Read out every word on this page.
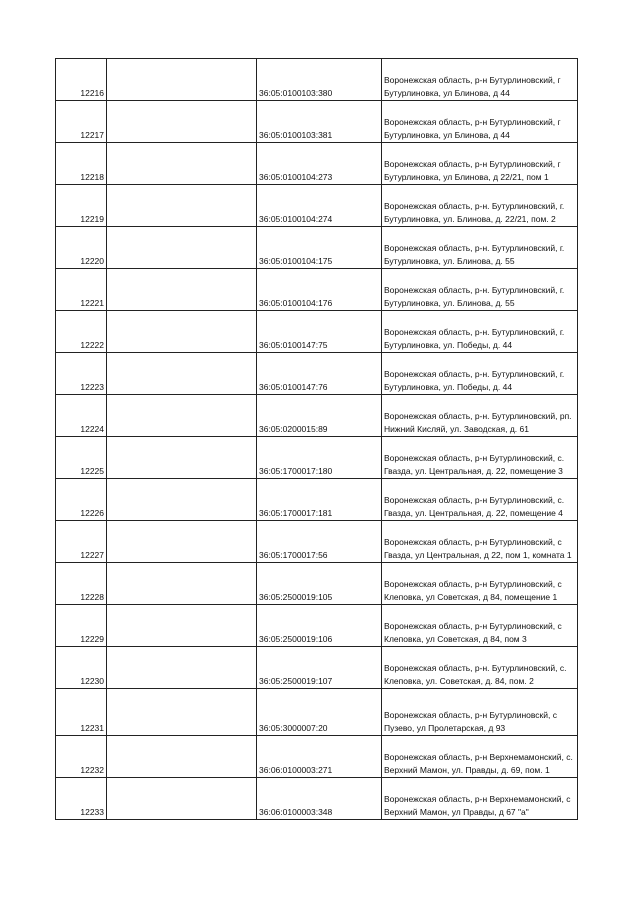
12216		36:05:0100103:380	Воронежская область, р-н Бутурлиновский, г Бутурлиновка, ул Блинова, д 44
12217		36:05:0100103:381	Воронежская область, р-н Бутурлиновский, г Бутурлиновка, ул Блинова, д 44
12218		36:05:0100104:273	Воронежская область, р-н Бутурлиновский, г Бутурлиновка, ул Блинова, д 22/21, пом 1
12219		36:05:0100104:274	Воронежская область, р-н. Бутурлиновский, г. Бутурлиновка, ул. Блинова, д. 22/21, пом. 2
12220		36:05:0100104:175	Воронежская область, р-н. Бутурлиновский, г. Бутурлиновка, ул. Блинова, д. 55
12221		36:05:0100104:176	Воронежская область, р-н. Бутурлиновский, г. Бутурлиновка, ул. Блинова, д. 55
12222		36:05:0100147:75	Воронежская область, р-н. Бутурлиновский, г. Бутурлиновка, ул. Победы, д. 44
12223		36:05:0100147:76	Воронежская область, р-н. Бутурлиновский, г. Бутурлиновка, ул. Победы, д. 44
12224		36:05:0200015:89	Воронежская область, р-н. Бутурлиновский, рп. Нижний Кисляй, ул. Заводская, д. 61
12225		36:05:1700017:180	Воронежская область, р-н Бутурлиновский, с. Гвазда, ул. Центральная, д. 22, помещение 3
12226		36:05:1700017:181	Воронежская область, р-н Бутурлиновский, с. Гвазда, ул. Центральная, д. 22, помещение 4
12227		36:05:1700017:56	Воронежская область, р-н Бутурлиновский, с Гвазда, ул Центральная, д 22, пом 1, комната 1
12228		36:05:2500019:105	Воронежская область, р-н Бутурлиновский, с Клеповка, ул Советская, д 84, помещение 1
12229		36:05:2500019:106	Воронежская область, р-н Бутурлиновский, с Клеповка, ул Советская, д 84, пом 3
12230		36:05:2500019:107	Воронежская область, р-н. Бутурлиновский, с. Клеповка, ул. Советская, д. 84, пом. 2
12231		36:05:3000007:20	Воронежская область, р-н Бутурлиновскй, с Пузево, ул Пролетарская, д 93
12232		36:06:0100003:271	Воронежская область, р-н Верхнемамонский, с. Верхний Мамон, ул. Правды, д. 69, пом. 1
12233		36:06:0100003:348	Воронежская область, р-н Верхнемамонский, с Верхний Мамон, ул Правды, д 67 "а"
